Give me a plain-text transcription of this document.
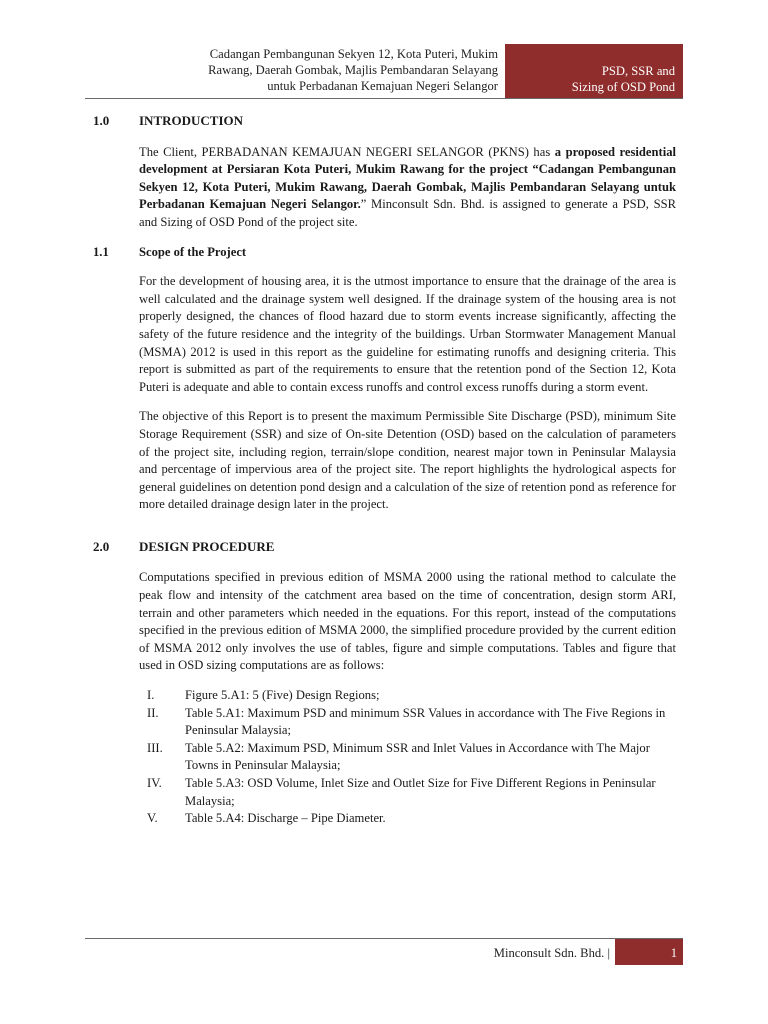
Cadangan Pembangunan Sekyen 12, Kota Puteri, Mukim
Rawang, Daerah Gombak, Majlis Pembandaran Selayang
untuk Perbadanan Kemajuan Negeri Selangor
PSD, SSR and
Sizing of OSD Pond
1.0	INTRODUCTION

The Client, PERBADANAN KEMAJUAN NEGERI SELANGOR (PKNS) has a proposed residential development at Persiaran Kota Puteri, Mukim Rawang for the project “Cadangan Pembangunan Sekyen 12, Kota Puteri, Mukim Rawang, Daerah Gombak, Majlis Pembandaran Selayang untuk Perbadanan Kemajuan Negeri Selangor.” Minconsult Sdn. Bhd. is assigned to generate a PSD, SSR and Sizing of OSD Pond of the project site.

1.1	Scope of the Project

For the development of housing area, it is the utmost importance to ensure that the drainage of the area is well calculated and the drainage system well designed. If the drainage system of the housing area is not properly designed, the chances of flood hazard due to storm events increase significantly, affecting the safety of the future residence and the integrity of the buildings. Urban Stormwater Management Manual (MSMA) 2012 is used in this report as the guideline for estimating runoffs and designing criteria. This report is submitted as part of the requirements to ensure that the retention pond of the Section 12, Kota Puteri is adequate and able to contain excess runoffs and control excess runoffs during a storm event.

The objective of this Report is to present the maximum Permissible Site Discharge (PSD), minimum Site Storage Requirement (SSR) and size of On-site Detention (OSD) based on the calculation of parameters of the project site, including region, terrain/slope condition, nearest major town in Peninsular Malaysia and percentage of impervious area of the project site. The report highlights the hydrological aspects for general guidelines on detention pond design and a calculation of the size of retention pond as reference for more detailed drainage design later in the project.

2.0	DESIGN PROCEDURE

Computations specified in previous edition of MSMA 2000 using the rational method to calculate the peak flow and intensity of the catchment area based on the time of concentration, design storm ARI, terrain and other parameters which needed in the equations. For this report, instead of the computations specified in the previous edition of MSMA 2000, the simplified procedure provided by the current edition of MSMA 2012 only involves the use of tables, figure and simple computations. Tables and figure that used in OSD sizing computations are as follows:

I.	Figure 5.A1: 5 (Five) Design Regions;
II.	Table 5.A1: Maximum PSD and minimum SSR Values in accordance with The Five Regions in Peninsular Malaysia;
III.	Table 5.A2: Maximum PSD, Minimum SSR and Inlet Values in Accordance with The Major Towns in Peninsular Malaysia;
IV.	Table 5.A3: OSD Volume, Inlet Size and Outlet Size for Five Different Regions in Peninsular Malaysia;
V.	Table 5.A4: Discharge – Pipe Diameter.
Minconsult Sdn. Bhd. |	1
